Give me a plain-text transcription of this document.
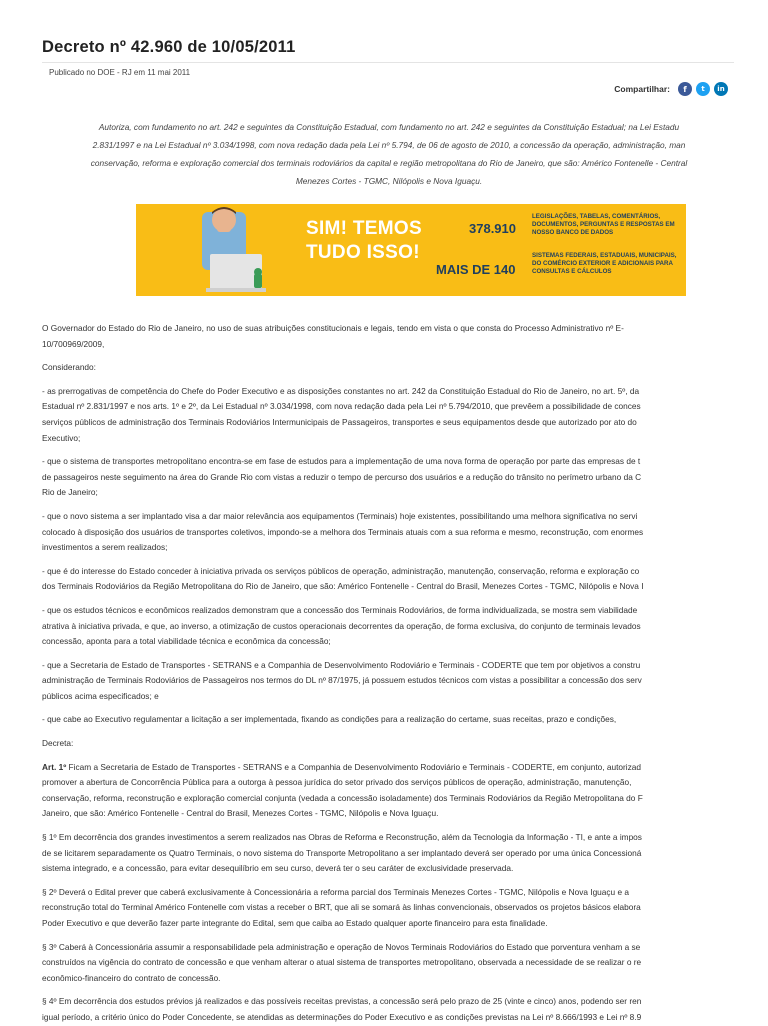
Decreto nº 42.960 de 10/05/2011
Publicado no DOE - RJ em 11 mai 2011
Compartilhar:	f	t	in
Autoriza, com fundamento no art. 242 e seguintes da Constituição Estadual, com fundamento no art. 242 e seguintes da Constituição Estadual; na Lei Estadu
2.831/1997 e na Lei Estadual nº 3.034/1998, com nova redação dada pela Lei nº 5.794, de 06 de agosto de 2010, a concessão da operação, administração, man
conservação, reforma e exploração comercial dos terminais rodoviários da capital e região metropolitana do Rio de Janeiro, que são: Américo Fontenelle - Central
Menezes Cortes - TGMC, Nilópolis e Nova Iguaçu.
SIM! TEMOS
TUDO ISSO!
378.910
LEGISLAÇÕES, TABELAS, COMENTÁRIOS, DOCUMENTOS, PERGUNTAS E RESPOSTAS EM NOSSO BANCO DE DADOS
MAIS DE 140
SISTEMAS FEDERAIS, ESTADUAIS, MUNICIPAIS, DO COMÉRCIO EXTERIOR E ADICIONAIS PARA CONSULTAS E CÁLCULOS
O Governador do Estado do Rio de Janeiro, no uso de suas atribuições constitucionais e legais, tendo em vista o que consta do Processo Administrativo nº E-
10/700969/2009,
Considerando:
- as prerrogativas de competência do Chefe do Poder Executivo e as disposições constantes no art. 242 da Constituição Estadual do Rio de Janeiro, no art. 5º, da
Estadual nº 2.831/1997 e nos arts. 1º e 2º, da Lei Estadual nº 3.034/1998, com nova redação dada pela Lei nº 5.794/2010, que prevêem a possibilidade de conces
serviços públicos de administração dos Terminais Rodoviários Intermunicipais de Passageiros, transportes e seus equipamentos desde que autorizado por ato do
Executivo;
- que o sistema de transportes metropolitano encontra-se em fase de estudos para a implementação de uma nova forma de operação por parte das empresas de t
de passageiros neste seguimento na área do Grande Rio com vistas a reduzir o tempo de percurso dos usuários e a redução do trânsito no perímetro urbano da C
Rio de Janeiro;
- que o novo sistema a ser implantado visa a dar maior relevância aos equipamentos (Terminais) hoje existentes, possibilitando uma melhora significativa no servi
colocado à disposição dos usuários de transportes coletivos, impondo-se a melhora dos Terminais atuais com a sua reforma e mesmo, reconstrução, com enormes
investimentos a serem realizados;
- que é do interesse do Estado conceder à iniciativa privada os serviços públicos de operação, administração, manutenção, conservação, reforma e exploração co
dos Terminais Rodoviários da Região Metropolitana do Rio de Janeiro, que são: Américo Fontenelle - Central do Brasil, Menezes Cortes - TGMC, Nilópolis e Nova I
- que os estudos técnicos e econômicos realizados demonstram que a concessão dos Terminais Rodoviários, de forma individualizada, se mostra sem viabilidade
atrativa à iniciativa privada, e que, ao inverso, a otimização de custos operacionais decorrentes da operação, de forma exclusiva, do conjunto de terminais levados
concessão, aponta para a total viabilidade técnica e econômica da concessão;
- que a Secretaria de Estado de Transportes - SETRANS e a Companhia de Desenvolvimento Rodoviário e Terminais - CODERTE que tem por objetivos a constru
administração de Terminais Rodoviários de Passageiros nos termos do DL nº 87/1975, já possuem estudos técnicos com vistas a possibilitar a concessão dos serv
públicos acima especificados; e
- que cabe ao Executivo regulamentar a licitação a ser implementada, fixando as condições para a realização do certame, suas receitas, prazo e condições,
Decreta:
Art. 1º Ficam a Secretaria de Estado de Transportes - SETRANS e a Companhia de Desenvolvimento Rodoviário e Terminais - CODERTE, em conjunto, autorizad
promover a abertura de Concorrência Pública para a outorga à pessoa jurídica do setor privado dos serviços públicos de operação, administração, manutenção,
conservação, reforma, reconstrução e exploração comercial conjunta (vedada a concessão isoladamente) dos Terminais Rodoviários da Região Metropolitana do F
Janeiro, que são: Américo Fontenelle - Central do Brasil, Menezes Cortes - TGMC, Nilópolis e Nova Iguaçu.
§ 1º Em decorrência dos grandes investimentos a serem realizados nas Obras de Reforma e Reconstrução, além da Tecnologia da Informação - TI, e ante a impos
de se licitarem separadamente os Quatro Terminais, o novo sistema do Transporte Metropolitano a ser implantado deverá ser operado por uma única Concessioná
sistema integrado, e a concessão, para evitar desequilíbrio em seu curso, deverá ter o seu caráter de exclusividade preservada.
§ 2º Deverá o Edital prever que caberá exclusivamente à Concessionária a reforma parcial dos Terminais Menezes Cortes - TGMC, Nilópolis e Nova Iguaçu e a
reconstrução total do Terminal Américo Fontenelle com vistas a receber o BRT, que ali se somará às linhas convencionais, observados os projetos básicos elabora
Poder Executivo e que deverão fazer parte integrante do Edital, sem que caiba ao Estado qualquer aporte financeiro para esta finalidade.
§ 3º Caberá à Concessionária assumir a responsabilidade pela administração e operação de Novos Terminais Rodoviários do Estado que porventura venham a se
construídos na vigência do contrato de concessão e que venham alterar o atual sistema de transportes metropolitano, observada a necessidade de se realizar o re
econômico-financeiro do contrato de concessão.
§ 4º Em decorrência dos estudos prévios já realizados e das possíveis receitas previstas, a concessão será pelo prazo de 25 (vinte e cinco) anos, podendo ser ren
igual período, a critério único do Poder Concedente, se atendidas as determinações do Poder Executivo e as condições previstas na Lei nº 8.666/1993 e Lei nº 8.9
